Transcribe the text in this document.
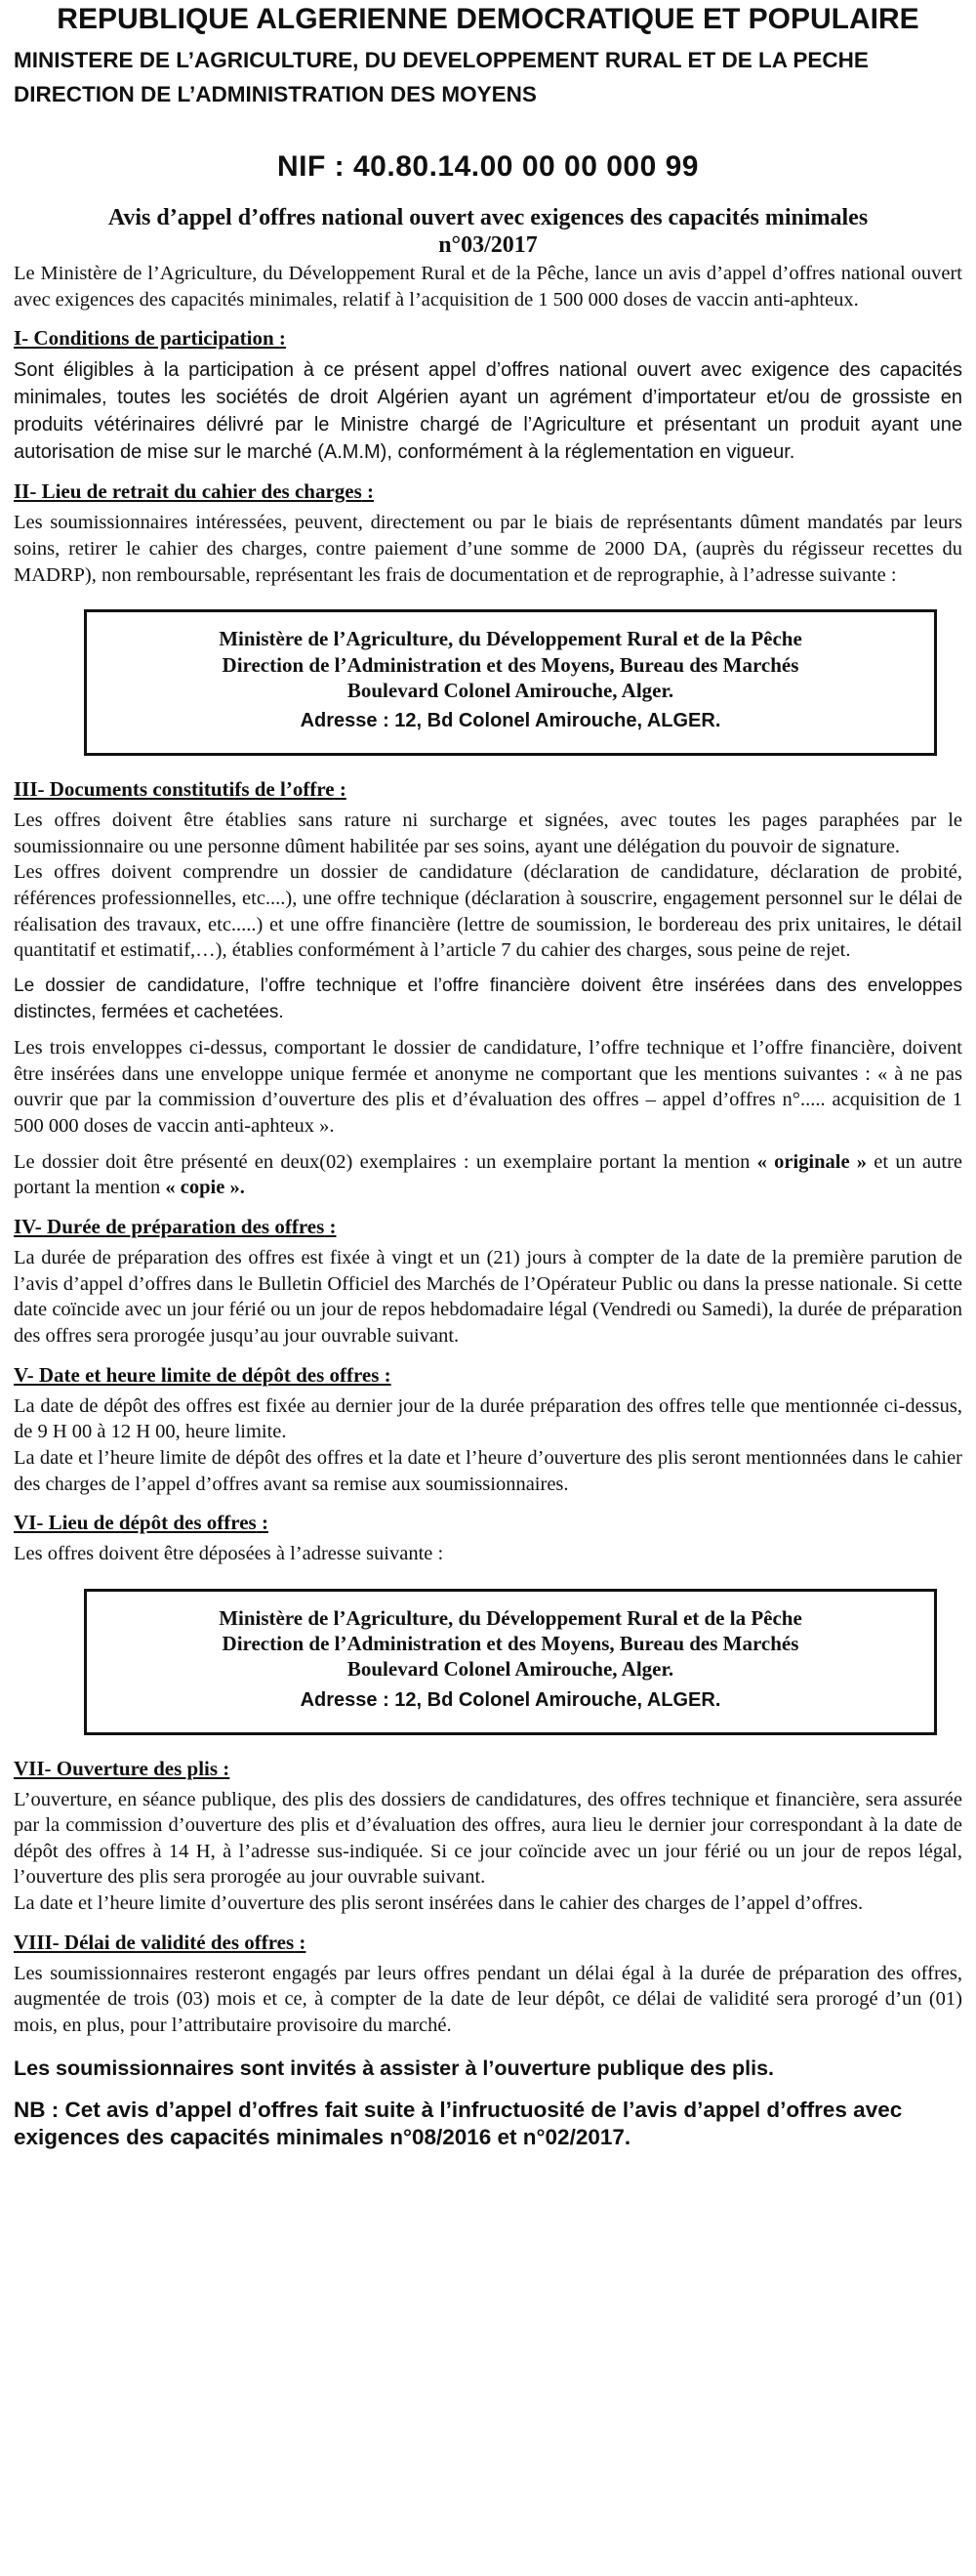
REPUBLIQUE ALGERIENNE DEMOCRATIQUE ET POPULAIRE

MINISTERE DE L’AGRICULTURE, DU DEVELOPPEMENT RURAL ET DE LA PECHE

DIRECTION DE L’ADMINISTRATION DES MOYENS

NIF : 40.80.14.00 00 00 000 99

Avis d’appel d’offres national ouvert avec exigences des capacités minimales
n°03/2017

Le Ministère de l’Agriculture, du Développement Rural et de la Pêche, lance un avis d’appel d’offres national ouvert avec exigences des capacités minimales, relatif à l’acquisition de 1 500 000 doses de vaccin anti-aphteux.

I- Conditions de participation :

Sont éligibles à la participation à ce présent appel d’offres national ouvert avec exigence des capacités minimales, toutes les sociétés de droit Algérien ayant un agrément d’importateur et/ou de grossiste en produits vétérinaires délivré par le Ministre chargé de l’Agriculture et présentant un produit ayant une autorisation de mise sur le marché (A.M.M), conformément à la réglementation en vigueur.

II- Lieu de retrait du cahier des charges :

Les soumissionnaires intéressées, peuvent, directement ou par le biais de représentants dûment mandatés par leurs soins, retirer le cahier des charges, contre paiement d’une somme de 2000 DA, (auprès du régisseur recettes du MADRP), non remboursable, représentant les frais de documentation et de reprographie, à l’adresse suivante :

Ministère de l’Agriculture, du Développement Rural et de la Pêche
Direction de l’Administration et des Moyens, Bureau des Marchés
Boulevard Colonel Amirouche, Alger.
Adresse : 12, Bd Colonel Amirouche, ALGER.
III- Documents constitutifs de l’offre :

Les offres doivent être établies sans rature ni surcharge et signées, avec toutes les pages paraphées par le soumissionnaire ou une personne dûment habilitée par ses soins, ayant une délégation du pouvoir de signature.

Les offres doivent comprendre un dossier de candidature (déclaration de candidature, déclaration de probité, références professionnelles, etc....), une offre technique (déclaration à souscrire, engagement personnel sur le délai de réalisation des travaux, etc.....) et une offre financière (lettre de soumission, le bordereau des prix unitaires, le détail quantitatif et estimatif,…), établies conformément à l’article 7 du cahier des charges, sous peine de rejet.

Le dossier de candidature, l’offre technique et l’offre financière doivent être insérées dans des enveloppes distinctes, fermées et cachetées.

Les trois enveloppes ci-dessus, comportant le dossier de candidature, l’offre technique et l’offre financière, doivent être insérées dans une enveloppe unique fermée et anonyme ne comportant que les mentions suivantes : « à ne pas ouvrir que par la commission d’ouverture des plis et d’évaluation des offres – appel d’offres n°..... acquisition de 1 500 000 doses de vaccin anti-aphteux ».

Le dossier doit être présenté en deux(02) exemplaires : un exemplaire portant la mention « originale » et un autre portant la mention « copie ».

IV- Durée de préparation des offres :

La durée de préparation des offres est fixée à vingt et un (21) jours à compter de la date de la première parution de l’avis d’appel d’offres dans le Bulletin Officiel des Marchés de l’Opérateur Public ou dans la presse nationale. Si cette date coïncide avec un jour férié ou un jour de repos hebdomadaire légal (Vendredi ou Samedi), la durée de préparation des offres sera prorogée jusqu’au jour ouvrable suivant.

V- Date et heure limite de dépôt des offres :

La date de dépôt des offres est fixée au dernier jour de la durée préparation des offres telle que mentionnée ci-dessus, de 9 H 00 à 12 H 00, heure limite.

La date et l’heure limite de dépôt des offres et la date et l’heure d’ouverture des plis seront mentionnées dans le cahier des charges de l’appel d’offres avant sa remise aux soumissionnaires.

VI- Lieu de dépôt des offres :

Les offres doivent être déposées à l’adresse suivante :

Ministère de l’Agriculture, du Développement Rural et de la Pêche
Direction de l’Administration et des Moyens, Bureau des Marchés
Boulevard Colonel Amirouche, Alger.
Adresse : 12, Bd Colonel Amirouche, ALGER.
VII- Ouverture des plis :

L’ouverture, en séance publique, des plis des dossiers de candidatures, des offres technique et financière, sera assurée par la commission d’ouverture des plis et d’évaluation des offres, aura lieu le dernier jour correspondant à la date de dépôt des offres à 14 H, à l’adresse sus-indiquée. Si ce jour coïncide avec un jour férié ou un jour de repos légal, l’ouverture des plis sera prorogée au jour ouvrable suivant.

La date et l’heure limite d’ouverture des plis seront insérées dans le cahier des charges de l’appel d’offres.

VIII- Délai de validité des offres :

Les soumissionnaires resteront engagés par leurs offres pendant un délai égal à la durée de préparation des offres, augmentée de trois (03) mois et ce, à compter de la date de leur dépôt, ce délai de validité sera prorogé d’un (01) mois, en plus, pour l’attributaire provisoire du marché.

Les soumissionnaires sont invités à assister à l’ouverture publique des plis.

NB : Cet avis d’appel d’offres fait suite à l’infructuosité de l’avis d’appel d’offres avec exigences des capacités minimales n°08/2016 et n°02/2017.
